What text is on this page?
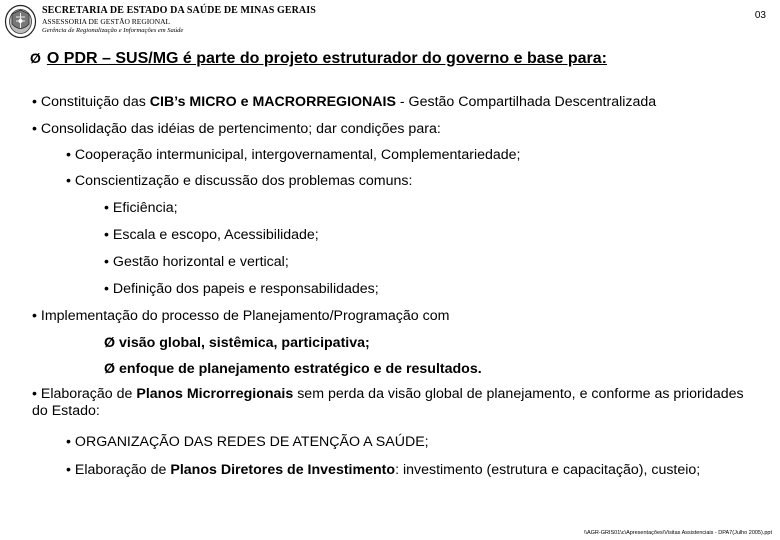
SECRETARIA DE ESTADO DA SAÚDE DE MINAS GERAIS
ASSESSORIA DE GESTÃO REGIONAL
Gerência de Regionalização e Informações em Saúde
03
Ø O PDR – SUS/MG é parte do projeto estruturador do governo e base para:
• Constituição das CIB’s MICRO e MACRORREGIONAIS - Gestão Compartilhada Descentralizada
• Consolidação das idéias de pertencimento; dar condições para:
• Cooperação intermunicipal, intergovernamental, Complementariedade;
• Conscientização e discussão dos problemas comuns:
• Eficiência;
• Escala e escopo, Acessibilidade;
• Gestão horizontal e vertical;
• Definição dos papeis e responsabilidades;
• Implementação do processo de Planejamento/Programação com
Ø visão global, sistêmica, participativa;
Ø enfoque de planejamento estratégico e de resultados.
• Elaboração de Planos Microrregionais sem perda da visão global de planejamento, e conforme as prioridades do Estado:
• ORGANIZAÇÃO DAS REDES DE ATENÇÃO A SAÚDE;
• Elaboração de Planos Diretores de Investimento: investimento (estrutura e capacitação), custeio;
\\AGR-GRIS01\c\Apresentações\Visitas Assistenciais - DPA7(Julho 2005).ppt
